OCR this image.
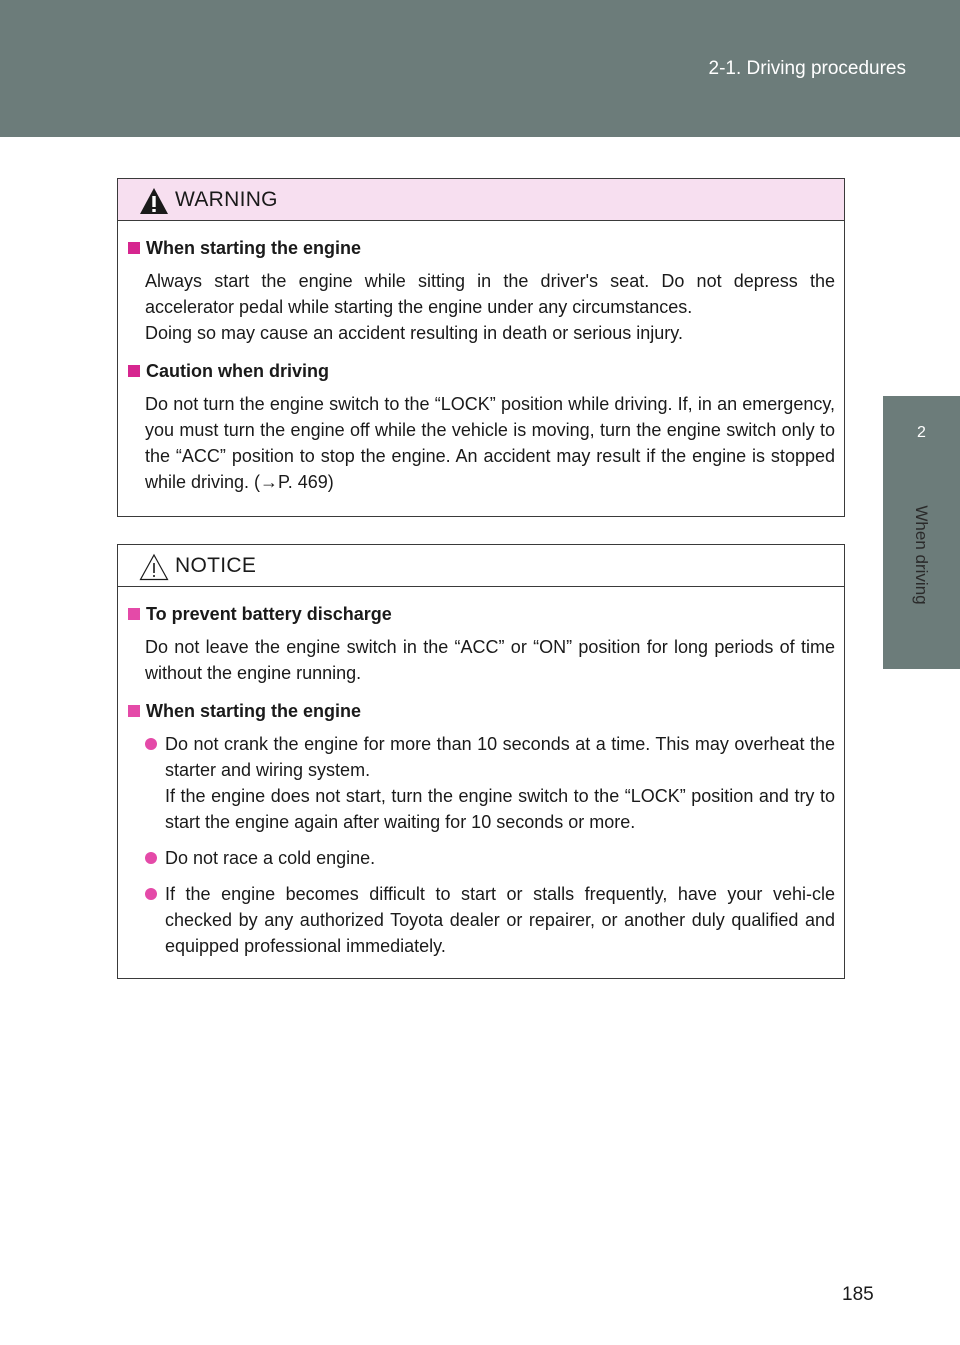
2-1. Driving procedures
2
When driving
WARNING
When starting the engine

Always start the engine while sitting in the driver's seat. Do not depress the accelerator pedal while starting the engine under any circumstances.

Doing so may cause an accident resulting in death or serious injury.

Caution when driving

Do not turn the engine switch to the “LOCK” position while driving. If, in an emergency, you must turn the engine off while the vehicle is moving, turn the engine switch only to the “ACC” position to stop the engine. An accident may result if the engine is stopped while driving. (→P. 469)

NOTICE
To prevent battery discharge

Do not leave the engine switch in the “ACC” or “ON” position for long periods of time without the engine running.

When starting the engine

Do not crank the engine for more than 10 seconds at a time. This may overheat the starter and wiring system.

If the engine does not start, turn the engine switch to the “LOCK” position and try to start the engine again after waiting for 10 seconds or more.

Do not race a cold engine.

If the engine becomes difficult to start or stalls frequently, have your vehi-cle checked by any authorized Toyota dealer or repairer, or another duly qualified and equipped professional immediately.

185
